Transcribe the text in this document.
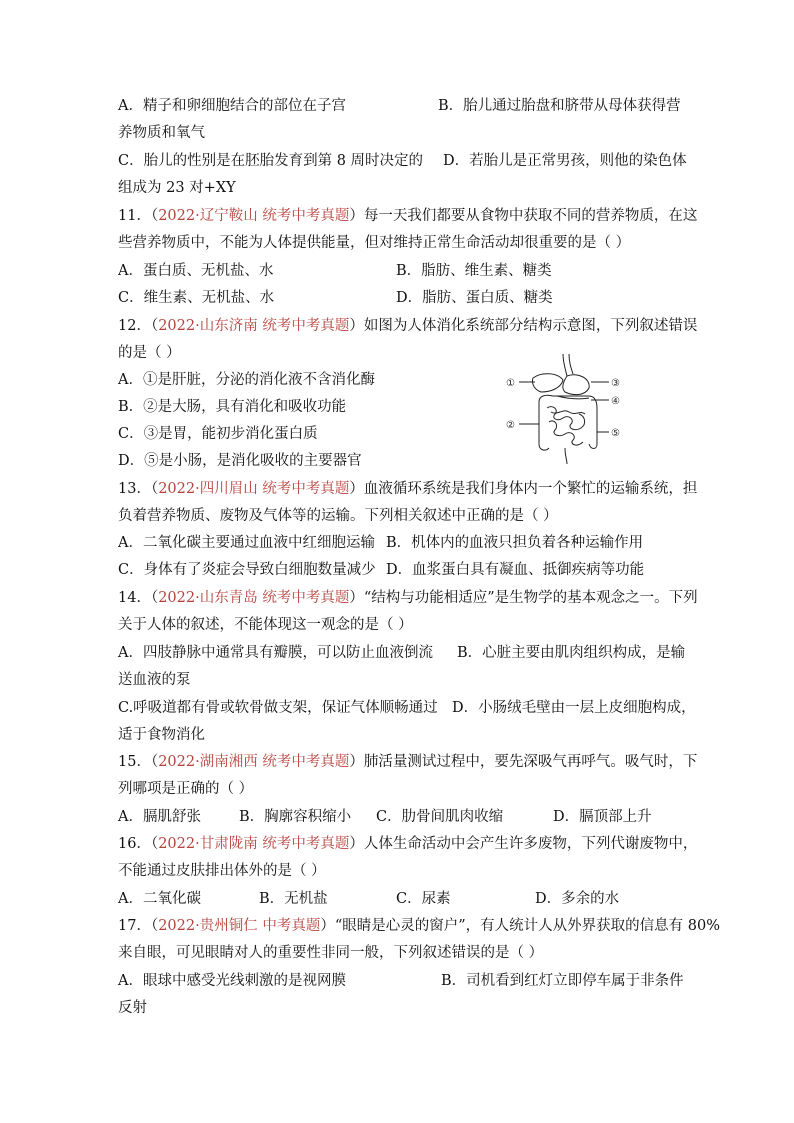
A．精子和卵细胞结合的部位在子宫	B．胎儿通过胎盘和脐带从母体获得营
养物质和氧气
C．胎儿的性别是在胚胎发育到第 8 周时决定的 D．若胎儿是正常男孩，则他的染色体
组成为 23 对+XY
11．（2022·辽宁鞍山 统考中考真题）每一天我们都要从食物中获取不同的营养物质，在这
些营养物质中，不能为人体提供能量，但对维持正常生命活动却很重要的是（ ）
A．蛋白质、无机盐、水	B．脂肪、维生素、糖类
C．维生素、无机盐、水	D．脂肪、蛋白质、糖类
12．（2022·山东济南 统考中考真题）如图为人体消化系统部分结构示意图，下列叙述错误
的是（ ）
A．①是肝脏，分泌的消化液不含消化酶
B．②是大肠，具有消化和吸收功能
C．③是胃，能初步消化蛋白质
D．⑤是小肠，是消化吸收的主要器官
①
②
③
④
⑤
13．（2022·四川眉山 统考中考真题）血液循环系统是我们身体内一个繁忙的运输系统，担
负着营养物质、废物及气体等的运输。下列相关叙述中正确的是（ ）
A．二氧化碳主要通过血液中红细胞运输 B．机体内的血液只担负着各种运输作用
C．身体有了炎症会导致白细胞数量减少 D．血浆蛋白具有凝血、抵御疾病等功能
14．（2022·山东青岛 统考中考真题）“结构与功能相适应”是生物学的基本观念之一。下列
关于人体的叙述，不能体现这一观念的是（ ）
A．四肢静脉中通常具有瓣膜，可以防止血液倒流 B．心脏主要由肌肉组织构成，是输
送血液的泵
C.呼吸道都有骨或软骨做支架，保证气体顺畅通过 D．小肠绒毛壁由一层上皮细胞构成，
适于食物消化
15．（2022·湖南湘西 统考中考真题）肺活量测试过程中，要先深吸气再呼气。吸气时，下
列哪项是正确的（ ）
A．膈肌舒张	B．胸廓容积缩小 C．肋骨间肌肉收缩	D．膈顶部上升
16．（2022·甘肃陇南 统考中考真题）人体生命活动中会产生许多废物，下列代谢废物中，
不能通过皮肤排出体外的是（ ）
A．二氧化碳	B．无机盐	C．尿素	D．多余的水
17．（2022·贵州铜仁 中考真题）“眼睛是心灵的窗户”，有人统计人从外界获取的信息有 80%
来自眼，可见眼睛对人的重要性非同一般，下列叙述错误的是（ ）
A．眼球中感受光线刺激的是视网膜	B．司机看到红灯立即停车属于非条件
反射
